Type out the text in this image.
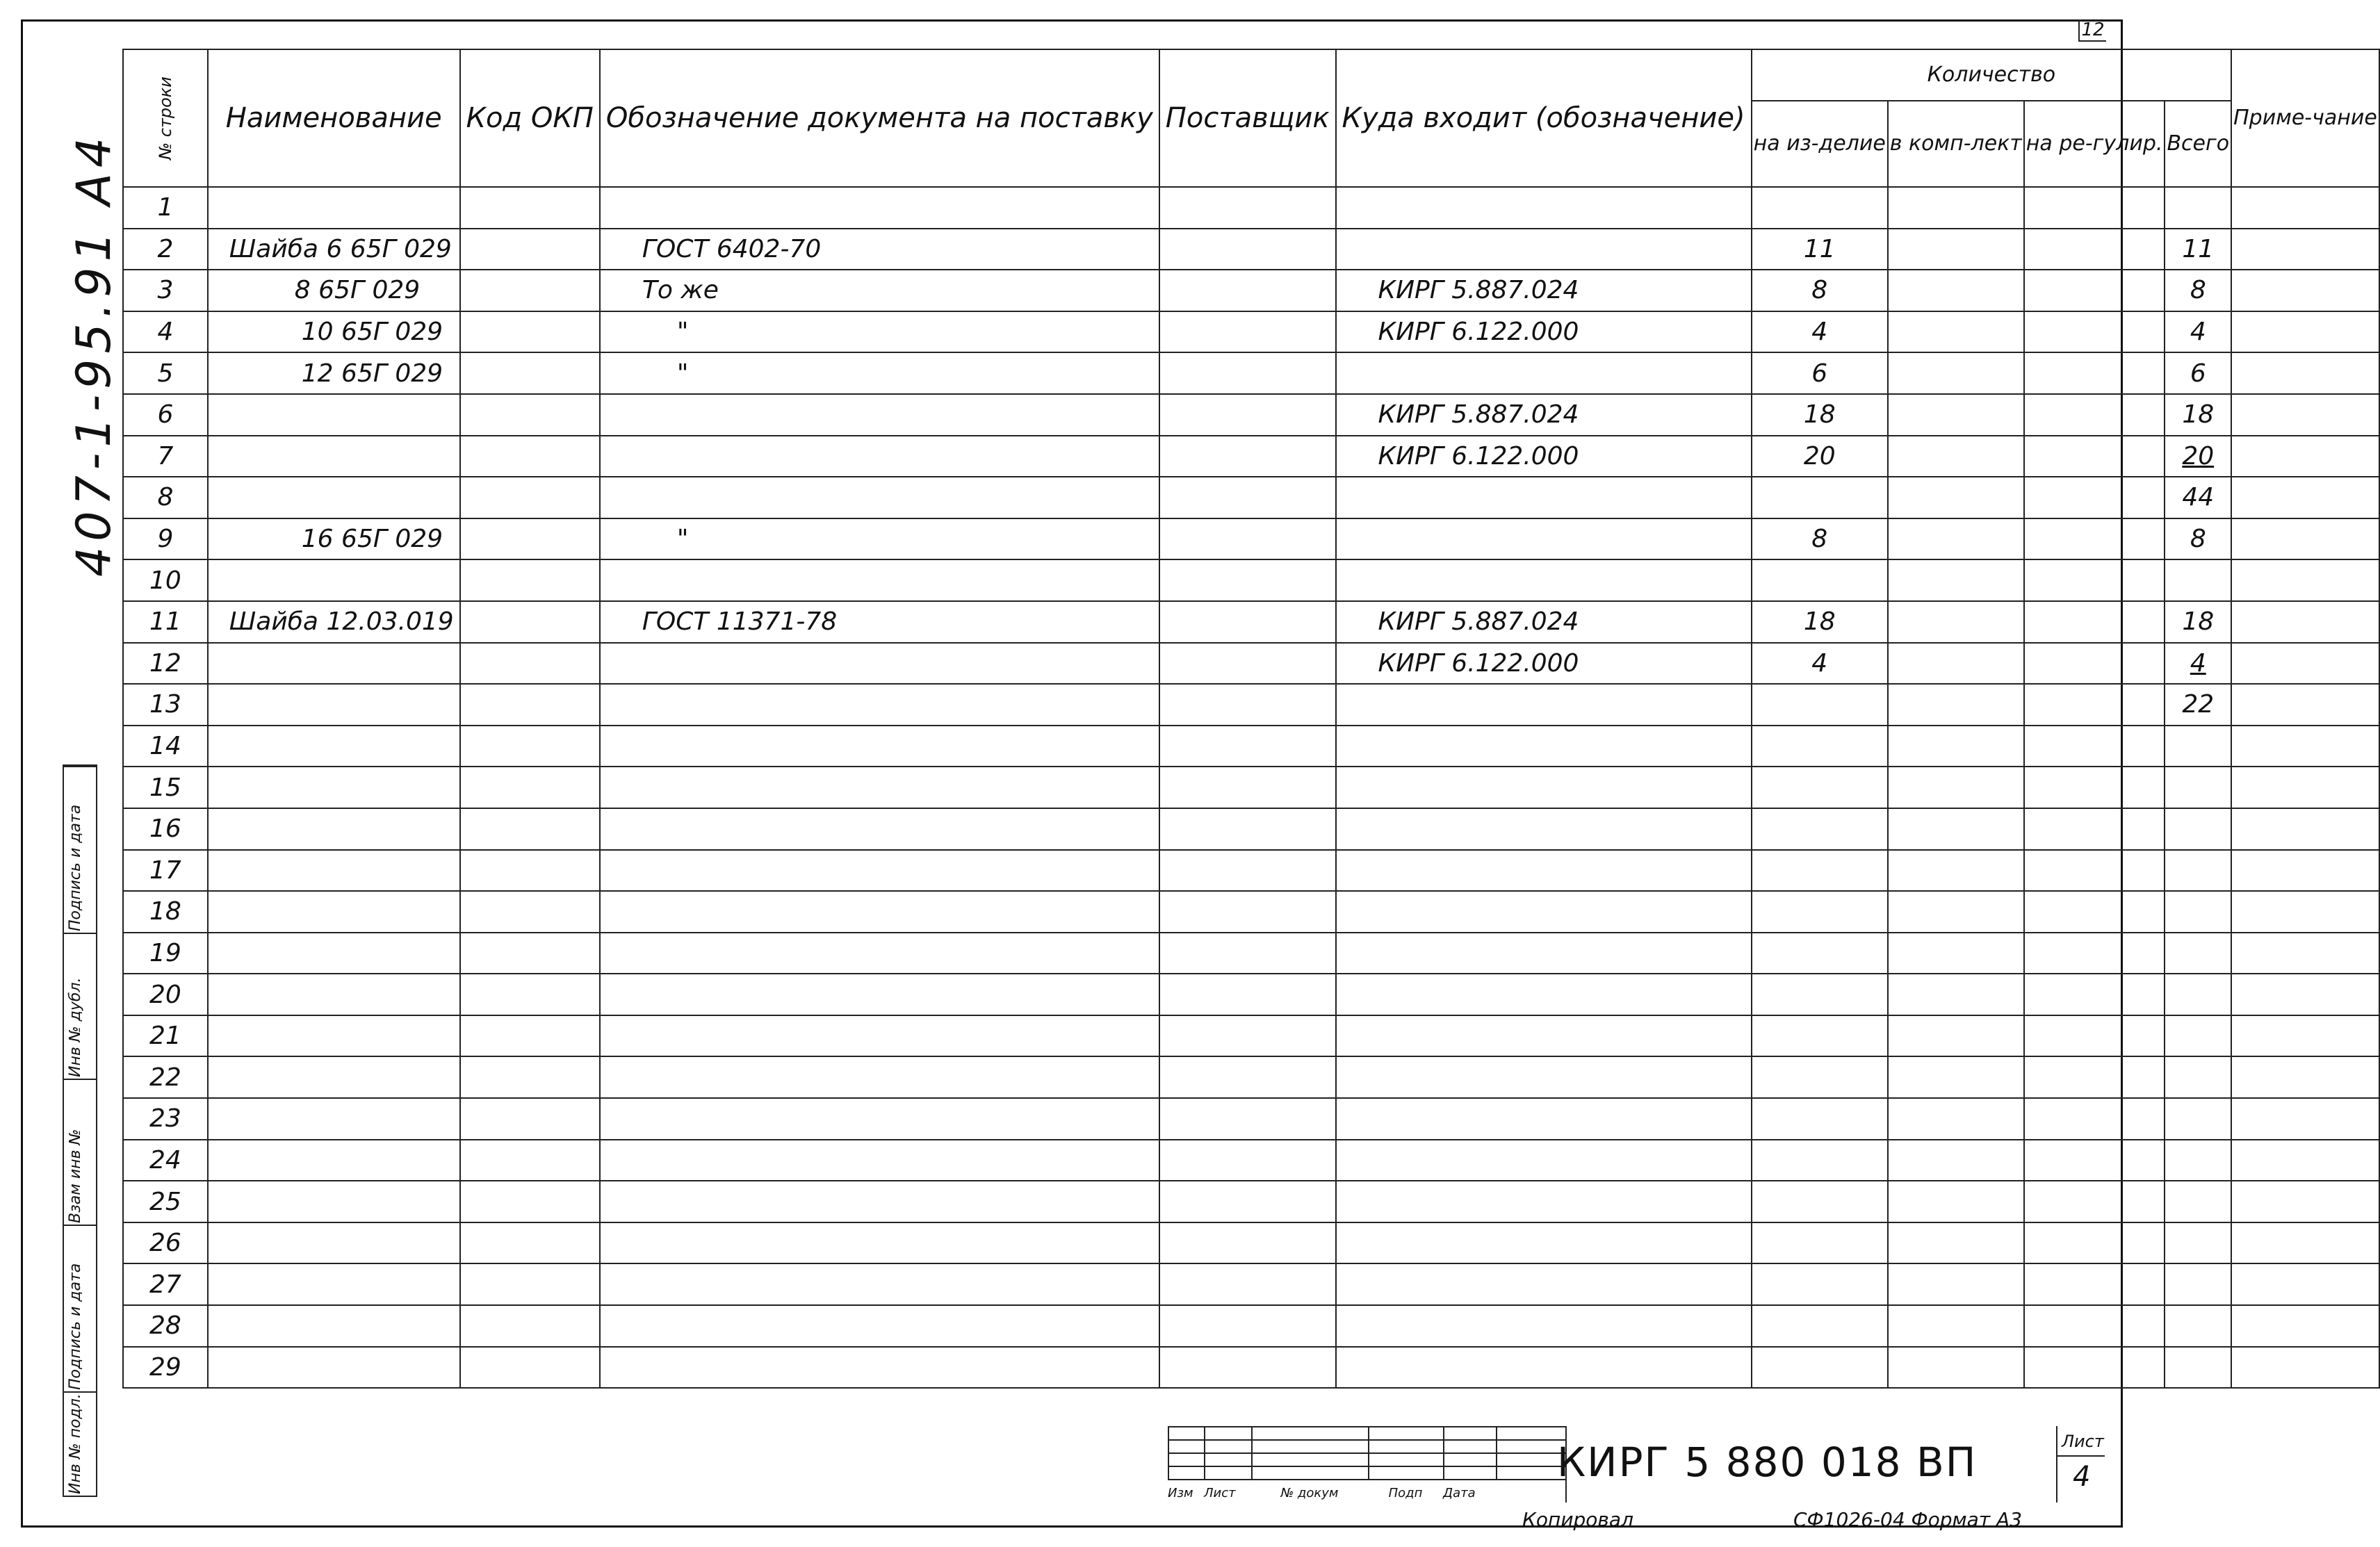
12
407-1-95.91 A4
№ строки	Наименование	Код ОКП	Обозначение документа на поставку	Поставщик	Куда входит (обозначение)	Количество				Приме-чание
						на из-делие	в комп-лект	на ре-гулир.	Всего	
1										
2	Шайба 6 65Г 029		ГОСТ 6402-70			11			11	
3	8 65Г 029		То же		КИРГ 5.887.024	8			8	
4	10 65Г 029		"		КИРГ 6.122.000	4			4	
5	12 65Г 029		"			6			6	
6					КИРГ 5.887.024	18			18	
7					КИРГ 6.122.000	20			20	
8									44	
9	16 65Г 029		"			8			8	
10										
11	Шайба 12.03.019		ГОСТ 11371-78		КИРГ 5.887.024	18			18	
12					КИРГ 6.122.000	4			4	
13									22	
14										
15										
16										
17										
18										
19										
20										
21										
22										
23										
24										
25										
26										
27										
28										
29										
Подпись и дата
Инв № дубл.
Взам инв №
Подпись и дата
Инв № подл.

						Изм Лист	№ докум	Подп Дата
КИРГ 5 880 018 ВП	Лист
4
Копировал	СФ1026-04 Формат А3
